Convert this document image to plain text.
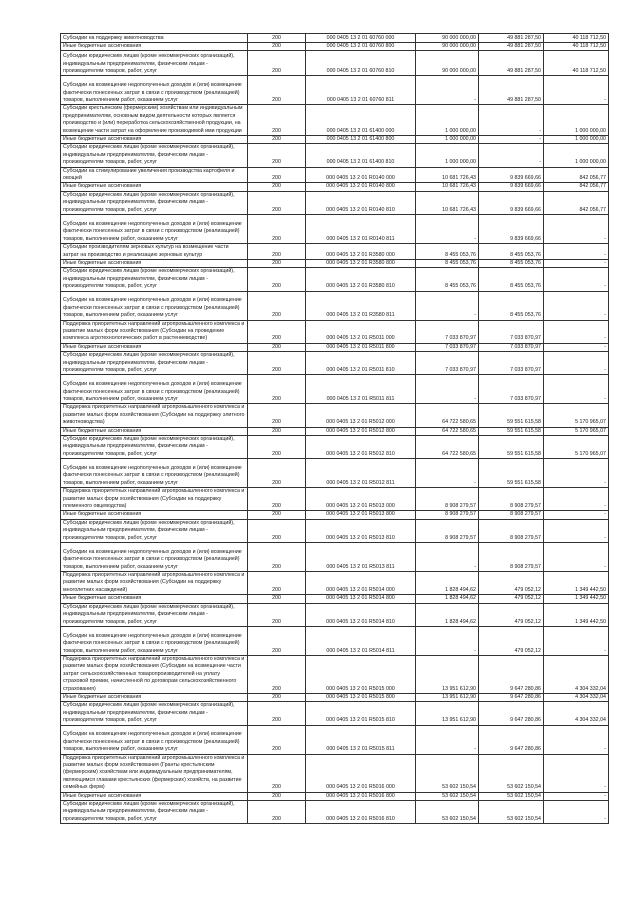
Субсидии на поддержку животноводства	200	000 0405 13 2 01 60760 000	90 000 000,00	49 881 287,50	40 118 712,50
Иные бюджетные ассигнования	200	000 0405 13 2 01 60760 800	90 000 000,00	49 881 287,50	40 118 712,50
Субсидии юридическим лицам (кроме некоммерческих организаций), индивидуальным предпринимателям, физическим лицам - производителям товаров, работ, услуг	200	000 0405 13 2 01 60760 810	90 000 000,00	49 881 287,50	40 118 712,50
Субсидии на возмещение недополученных доходов и (или) возмещение фактически понесенных затрат в связи с производством (реализацией) товаров, выполнением работ, оказанием услуг	200	000 0405 13 2 01 60760 811	-	49 881 287,50	-
Субсидии крестьянским (фермерским) хозяйствам или индивидуальным предпринимателям, основным видом деятельности которых является производство и (или) переработка сельскохозяйственной продукции, на возмещение части затрат на оформление производимой ими продукции	200	000 0405 13 2 01 61400 000	1 000 000,00	-	1 000 000,00
Иные бюджетные ассигнования	200	000 0405 13 2 01 61400 800	1 000 000,00	-	1 000 000,00
Субсидии юридическим лицам (кроме некоммерческих организаций), индивидуальным предпринимателям, физическим лицам - производителям товаров, работ, услуг	200	000 0405 13 2 01 61400 810	1 000 000,00	-	1 000 000,00
Субсидии на стимулирование увеличения производства картофеля и овощей	200	000 0405 13 2 01 R0140 000	10 681 726,43	9 839 669,66	842 056,77
Иные бюджетные ассигнования	200	000 0405 13 2 01 R0140 800	10 681 726,43	9 839 669,66	842 056,77
Субсидии юридическим лицам (кроме некоммерческих организаций), индивидуальным предпринимателям, физическим лицам - производителям товаров, работ, услуг	200	000 0405 13 2 01 R0140 810	10 681 726,43	9 839 669,66	842 056,77
Субсидии на возмещение недополученных доходов и (или) возмещение фактически понесенных затрат в связи с производством (реализацией) товаров, выполнением работ, оказанием услуг	200	000 0405 13 2 01 R0140 811	-	9 839 669,66	-
Субсидии производителям зерновых культур на возмещение части затрат на производство и реализацию зерновых культур	200	000 0405 13 2 01 R3580 000	8 455 053,76	8 455 053,76	-
Иные бюджетные ассигнования	200	000 0405 13 2 01 R3580 800	8 455 053,76	8 455 053,76	-
Субсидии юридическим лицам (кроме некоммерческих организаций), индивидуальным предпринимателям, физическим лицам - производителям товаров, работ, услуг	200	000 0405 13 2 01 R3580 810	8 455 053,76	8 455 053,76	-
Субсидии на возмещение недополученных доходов и (или) возмещение фактически понесенных затрат в связи с производством (реализацией) товаров, выполнением работ, оказанием услуг	200	000 0405 13 2 01 R3580 811	-	8 455 053,76	-
Поддержка приоритетных направлений агропромышленного комплекса и развитие малых форм хозяйствования (Субсидии на проведение комплекса агротехнологических работ в растениеводстве)	200	000 0405 13 2 01 R5011 000	7 033 870,97	7 033 870,97	-
Иные бюджетные ассигнования	200	000 0405 13 2 01 R5011 800	7 033 870,97	7 033 870,97	-
Субсидии юридическим лицам (кроме некоммерческих организаций), индивидуальным предпринимателям, физическим лицам - производителям товаров, работ, услуг	200	000 0405 13 2 01 R5011 810	7 033 870,97	7 033 870,97	-
Субсидии на возмещение недополученных доходов и (или) возмещение фактически понесенных затрат в связи с производством (реализацией) товаров, выполнением работ, оказанием услуг	200	000 0405 13 2 01 R5011 811	-	7 033 870,97	-
Поддержка приоритетных направлений агропромышленного комплекса и развитие малых форм хозяйствования (Субсидии на поддержку элитного животноводства)	200	000 0405 13 2 01 R5012 000	64 722 580,65	59 551 615,58	5 170 965,07
Иные бюджетные ассигнования	200	000 0405 13 2 01 R5012 800	64 722 580,65	59 551 615,58	5 170 965,07
Субсидии юридическим лицам (кроме некоммерческих организаций), индивидуальным предпринимателям, физическим лицам - производителям товаров, работ, услуг	200	000 0405 13 2 01 R5012 810	64 722 580,65	59 551 615,58	5 170 965,07
Субсидии на возмещение недополученных доходов и (или) возмещение фактически понесенных затрат в связи с производством (реализацией) товаров, выполнением работ, оказанием услуг	200	000 0405 13 2 01 R5012 811	-	59 551 615,58	-
Поддержка приоритетных направлений агропромышленного комплекса и развитие малых форм хозяйствования (Субсидии на поддержку племенного овцеводства)	200	000 0405 13 2 01 R5013 000	8 908 279,57	8 908 279,57	-
Иные бюджетные ассигнования	200	000 0405 13 2 01 R5013 800	8 908 279,57	8 908 279,57	-
Субсидии юридическим лицам (кроме некоммерческих организаций), индивидуальным предпринимателям, физическим лицам - производителям товаров, работ, услуг	200	000 0405 13 2 01 R5013 810	8 908 279,57	8 908 279,57	-
Субсидии на возмещение недополученных доходов и (или) возмещение фактически понесенных затрат в связи с производством (реализацией) товаров, выполнением работ, оказанием услуг	200	000 0405 13 2 01 R5013 811	-	8 908 279,57	-
Поддержка приоритетных направлений агропромышленного комплекса и развитие малых форм хозяйствования (Субсидии на поддержку многолетних насаждений)	200	000 0405 13 2 01 R5014 000	1 828 494,62	479 052,12	1 349 442,50
Иные бюджетные ассигнования	200	000 0405 13 2 01 R5014 800	1 828 494,62	479 052,12	1 349 442,50
Субсидии юридическим лицам (кроме некоммерческих организаций), индивидуальным предпринимателям, физическим лицам - производителям товаров, работ, услуг	200	000 0405 13 2 01 R5014 810	1 828 494,62	479 052,12	1 349 442,50
Субсидии на возмещение недополученных доходов и (или) возмещение фактически понесенных затрат в связи с производством (реализацией) товаров, выполнением работ, оказанием услуг	200	000 0405 13 2 01 R5014 811	-	479 052,12	-
Поддержка приоритетных направлений агропромышленного комплекса и развитие малых форм хозяйствования (Субсидии на возмещение части затрат сельскохозяйственных товаропроизводителей на уплату страховой премии, начисленной по договорам сельскохозяйственного страхования)	200	000 0405 13 2 01 R5015 000	13 951 612,90	9 647 280,86	4 304 332,04
Иные бюджетные ассигнования	200	000 0405 13 2 01 R5015 800	13 951 612,90	9 647 280,86	4 304 332,04
Субсидии юридическим лицам (кроме некоммерческих организаций), индивидуальным предпринимателям, физическим лицам - производителям товаров, работ, услуг	200	000 0405 13 2 01 R5015 810	13 951 612,90	9 647 280,86	4 304 332,04
Субсидии на возмещение недополученных доходов и (или) возмещение фактически понесенных затрат в связи с производством (реализацией) товаров, выполнением работ, оказанием услуг	200	000 0405 13 2 01 R5015 811	-	9 647 280,86	-
Поддержка приоритетных направлений агропромышленного комплекса и развитие малых форм хозяйствования (Гранты крестьянским (фермерским) хозяйствам или индивидуальным предпринимателям, являющимся главами крестьянских (фермерских) хозяйств, на развитие семейных ферм)	200	000 0405 13 2 01 R5016 000	53 602 150,54	53 602 150,54	-
Иные бюджетные ассигнования	200	000 0405 13 2 01 R5016 800	53 602 150,54	53 602 150,54	-
Субсидии юридическим лицам (кроме некоммерческих организаций), индивидуальным предпринимателям, физическим лицам - производителям товаров, работ, услуг	200	000 0405 13 2 01 R5016 810	53 602 150,54	53 602 150,54	-
